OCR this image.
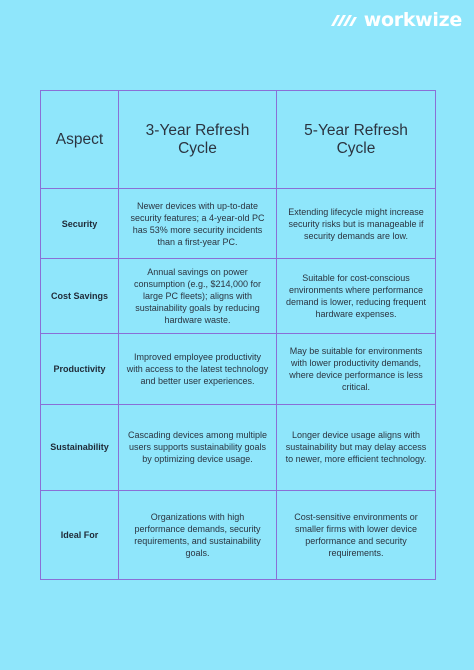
workwize
Aspect	3-Year Refresh Cycle	5-Year Refresh Cycle
Security	Newer devices with up-to-date security features; a 4-year-old PC has 53% more security incidents than a first-year PC.	Extending lifecycle might increase security risks but is manageable if security demands are low.
Cost Savings	Annual savings on power consumption (e.g., $214,000 for large PC fleets); aligns with sustainability goals by reducing hardware waste.	Suitable for cost-conscious environments where performance demand is lower, reducing frequent hardware expenses.
Productivity	Improved employee productivity with access to the latest technology and better user experiences.	May be suitable for environments with lower productivity demands, where device performance is less critical.
Sustainability	Cascading devices among multiple users supports sustainability goals by optimizing device usage.	Longer device usage aligns with sustainability but may delay access to newer, more efficient technology.
Ideal For	Organizations with high performance demands, security requirements, and sustainability goals.	Cost-sensitive environments or smaller firms with lower device performance and security requirements.
